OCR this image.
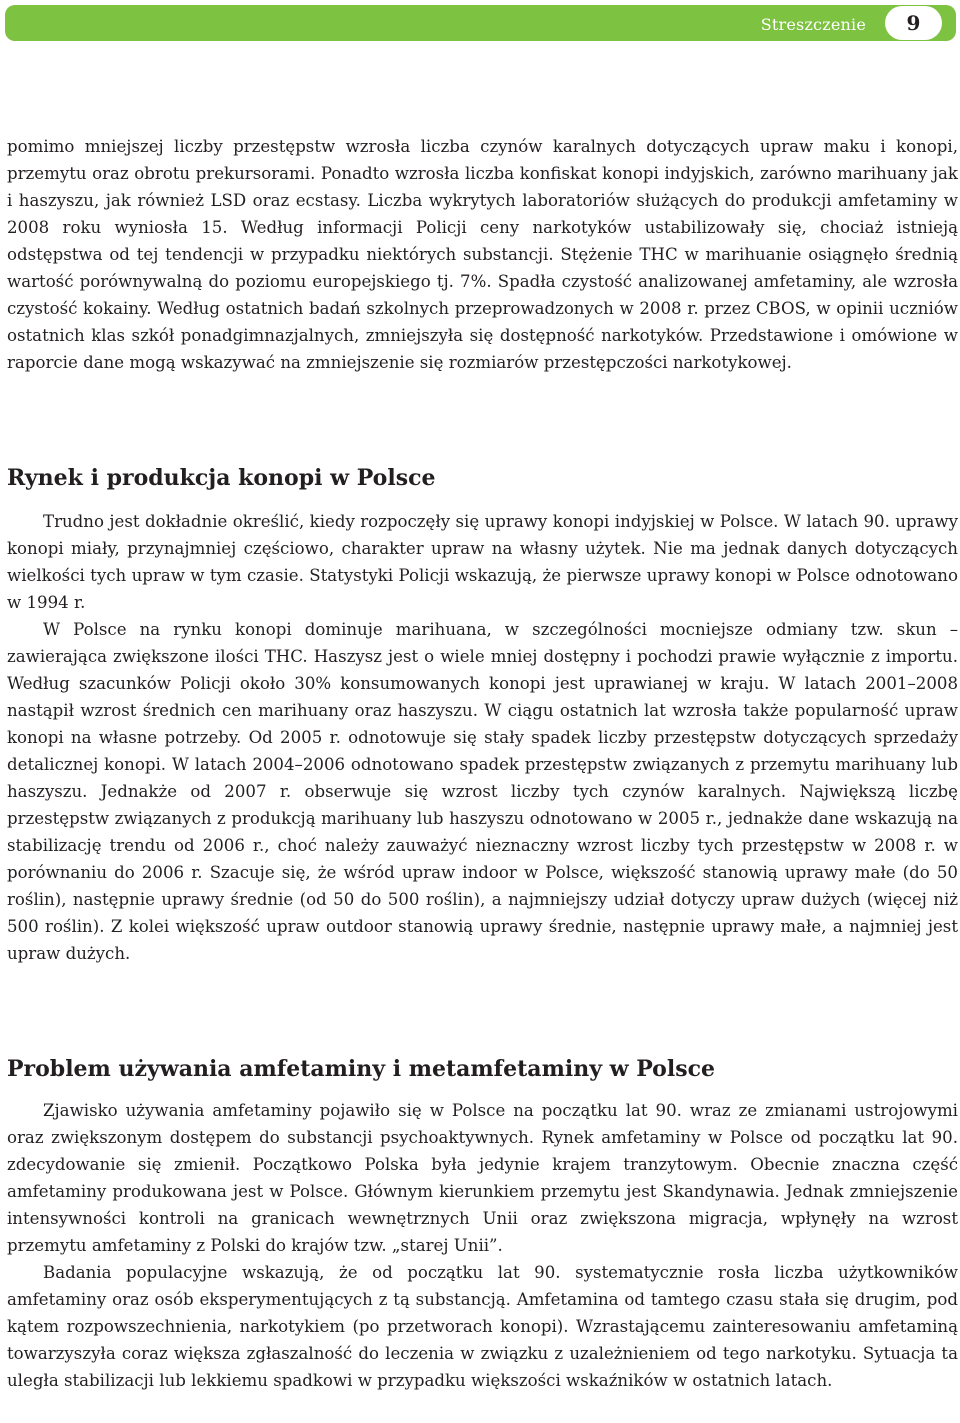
Streszczenie	9

pomimo mniejszej liczby przestępstw wzrosła liczba czynów karalnych dotyczących upraw maku i konopi, przemytu oraz obrotu prekursorami. Ponadto wzrosła liczba konfiskat konopi indyjskich, zarówno marihuany jak i haszyszu, jak również LSD oraz ecstasy. Liczba wykrytych laboratoriów służących do produkcji amfetaminy w 2008 roku wyniosła 15. Według informacji Policji ceny narkotyków ustabilizowały się, chociaż istnieją odstępstwa od tej tendencji w przypadku niektórych substancji. Stężenie THC w marihuanie osiągnęło średnią wartość porównywalną do poziomu europejskiego tj. 7%. Spadła czystość analizowanej amfetaminy, ale wzrosła czystość kokainy. Według ostatnich badań szkolnych przeprowadzonych w 2008 r. przez CBOS, w opinii uczniów ostatnich klas szkół ponadgimnazjalnych, zmniejszyła się dostępność narkotyków. Przedstawione i omówione w raporcie dane mogą wskazywać na zmniejszenie się rozmiarów przestępczości narkotykowej.

Rynek i produkcja konopi w Polsce

Trudno jest dokładnie określić, kiedy rozpoczęły się uprawy konopi indyjskiej w Polsce. W latach 90. uprawy konopi miały, przynajmniej częściowo, charakter upraw na własny użytek. Nie ma jednak danych dotyczących wielkości tych upraw w tym czasie. Statystyki Policji wskazują, że pierwsze uprawy konopi w Polsce odnotowano w 1994 r.

W Polsce na rynku konopi dominuje marihuana, w szczególności mocniejsze odmiany tzw. skun – zawierająca zwiększone ilości THC. Haszysz jest o wiele mniej dostępny i pochodzi prawie wyłącznie z importu. Według szacunków Policji około 30% konsumowanych konopi jest uprawianej w kraju. W latach 2001–2008 nastąpił wzrost średnich cen marihuany oraz haszyszu. W ciągu ostatnich lat wzrosła także popularność upraw konopi na własne potrzeby. Od 2005 r. odnotowuje się stały spadek liczby przestępstw dotyczących sprzedaży detalicznej konopi. W latach 2004–2006 odnotowano spadek przestępstw związanych z przemytu marihuany lub haszyszu. Jednakże od 2007 r. obserwuje się wzrost liczby tych czynów karalnych. Największą liczbę przestępstw związanych z produkcją marihuany lub haszyszu odnotowano w 2005 r., jednakże dane wskazują na stabilizację trendu od 2006 r., choć należy zauważyć nieznaczny wzrost liczby tych przestępstw w 2008 r. w porównaniu do 2006 r. Szacuje się, że wśród upraw indoor w Polsce, większość stanowią uprawy małe (do 50 roślin), następnie uprawy średnie (od 50 do 500 roślin), a najmniejszy udział dotyczy upraw dużych (więcej niż 500 roślin). Z kolei większość upraw outdoor stanowią uprawy średnie, następnie uprawy małe, a najmniej jest upraw dużych.

Problem używania amfetaminy i metamfetaminy w Polsce

Zjawisko używania amfetaminy pojawiło się w Polsce na początku lat 90. wraz ze zmianami ustrojowymi oraz zwiększonym dostępem do substancji psychoaktywnych. Rynek amfetaminy w Polsce od początku lat 90. zdecydowanie się zmienił. Początkowo Polska była jedynie krajem tranzytowym. Obecnie znaczna część amfetaminy produkowana jest w Polsce. Głównym kierunkiem przemytu jest Skandynawia. Jednak zmniejszenie intensywności kontroli na granicach wewnętrznych Unii oraz zwiększona migracja, wpłynęły na wzrost przemytu amfetaminy z Polski do krajów tzw. „starej Unii”.

Badania populacyjne wskazują, że od początku lat 90. systematycznie rosła liczba użytkowników amfetaminy oraz osób eksperymentujących z tą substancją. Amfetamina od tamtego czasu stała się drugim, pod kątem rozpowszechnienia, narkotykiem (po przetworach konopi). Wzrastającemu zainteresowaniu amfetaminą towarzyszyła coraz większa zgłaszalność do leczenia w związku z uzależnieniem od tego narkotyku. Sytuacja ta uległa stabilizacji lub lekkiemu spadkowi w przypadku większości wskaźników w ostatnich latach.
